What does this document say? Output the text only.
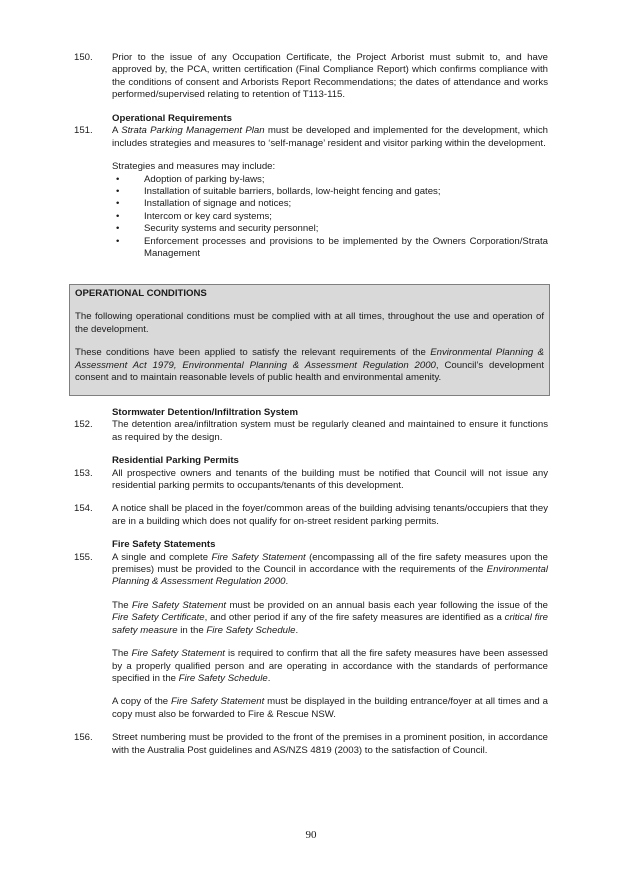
150.	Prior to the issue of any Occupation Certificate, the Project Arborist must submit to, and have approved by, the PCA, written certification (Final Compliance Report) which confirms compliance with the conditions of consent and Arborists Report Recommendations; the dates of attendance and works performed/supervised relating to retention of T113-115.

Operational Requirements
151.	A Strata Parking Management Plan must be developed and implemented for the development, which includes strategies and measures to ‘self-manage’ resident and visitor parking within the development.

Strategies and measures may include:

•	Adoption of parking by-laws;
•	Installation of suitable barriers, bollards, low-height fencing and gates;
•	Installation of signage and notices;
•	Intercom or key card systems;
•	Security systems and security personnel;
•	Enforcement processes and provisions to be implemented by the Owners Corporation/Strata Management
OPERATIONAL CONDITIONS

The following operational conditions must be complied with at all times, throughout the use and operation of the development.

These conditions have been applied to satisfy the relevant requirements of the Environmental Planning & Assessment Act 1979, Environmental Planning & Assessment Regulation 2000, Council’s development consent and to maintain reasonable levels of public health and environmental amenity.

Stormwater Detention/Infiltration System
152.	The detention area/infiltration system must be regularly cleaned and maintained to ensure it functions as required by the design.

Residential Parking Permits
153.	All prospective owners and tenants of the building must be notified that Council will not issue any residential parking permits to occupants/tenants of this development.

154.	A notice shall be placed in the foyer/common areas of the building advising tenants/occupiers that they are in a building which does not qualify for on-street resident parking permits.

Fire Safety Statements
155.	A single and complete Fire Safety Statement (encompassing all of the fire safety measures upon the premises) must be provided to the Council in accordance with the requirements of the Environmental Planning & Assessment Regulation 2000.

The Fire Safety Statement must be provided on an annual basis each year following the issue of the Fire Safety Certificate, and other period if any of the fire safety measures are identified as a critical fire safety measure in the Fire Safety Schedule.

The Fire Safety Statement is required to confirm that all the fire safety measures have been assessed by a properly qualified person and are operating in accordance with the standards of performance specified in the Fire Safety Schedule.

A copy of the Fire Safety Statement must be displayed in the building entrance/foyer at all times and a copy must also be forwarded to Fire & Rescue NSW.

156.	Street numbering must be provided to the front of the premises in a prominent position, in accordance with the Australia Post guidelines and AS/NZS 4819 (2003) to the satisfaction of Council.

90
